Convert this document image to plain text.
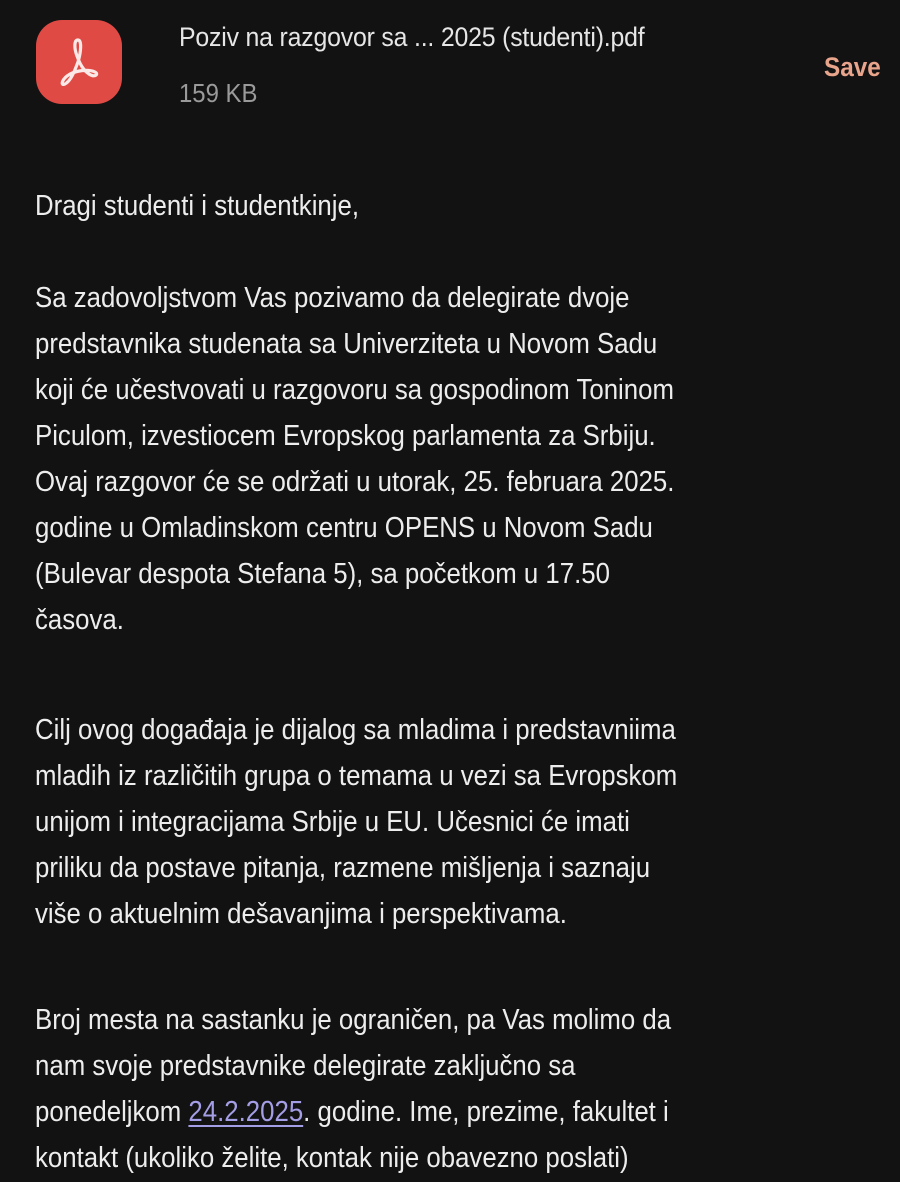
Poziv na razgovor sa ... 2025 (studenti).pdf
159 KB
Save
Dragi studenti i studentkinje,
Sa zadovoljstvom Vas pozivamo da delegirate dvoje
predstavnika studenata sa Univerziteta u Novom Sadu
koji će učestvovati u razgovoru sa gospodinom Toninom
Piculom, izvestiocem Evropskog parlamenta za Srbiju.
Ovaj razgovor će se održati u utorak, 25. februara 2025.
godine u Omladinskom centru OPENS u Novom Sadu
(Bulevar despota Stefana 5), sa početkom u 17.50
časova.
Cilj ovog događaja je dijalog sa mladima i predstavniima
mladih iz različitih grupa o temama u vezi sa Evropskom
unijom i integracijama Srbije u EU. Učesnici će imati
priliku da postave pitanja, razmene mišljenja i saznaju
više o aktuelnim dešavanjima i perspektivama.
Broj mesta na sastanku je ograničen, pa Vas molimo da
nam svoje predstavnike delegirate zaključno sa
ponedeljkom 24.2.2025. godine. Ime, prezime, fakultet i
kontakt (ukoliko želite, kontak nije obavezno poslati)
